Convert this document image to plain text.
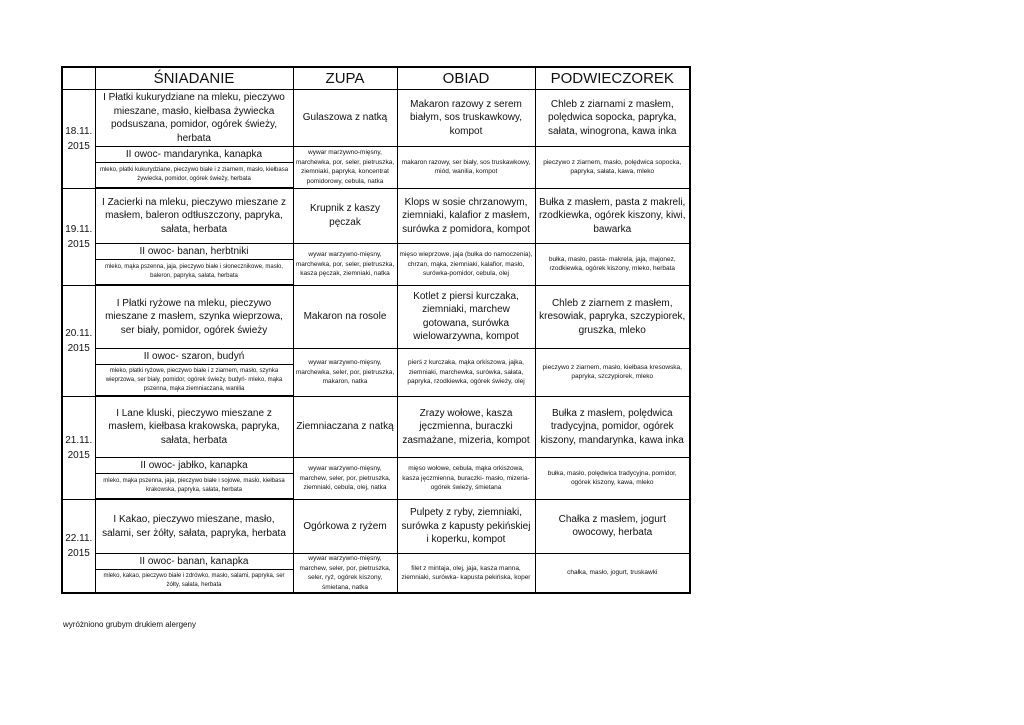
	ŚNIADANIE	ZUPA	OBIAD	PODWIECZOREK
18.11.
2015	I Płatki kukurydziane na mleku, pieczywo mieszane, masło, kiełbasa żywiecka podsuszana, pomidor, ogórek świeży, herbata	Gulaszowa z natką	Makaron razowy z serem białym, sos truskawkowy, kompot	Chleb z ziarnami z masłem, polędwica sopocka, papryka, sałata, winogrona, kawa inka
	II owoc- mandarynka, kanapka	wywar marzywno-mięsny, marchewka, por, seler, pietruszka, ziemniaki, papryka, koncentrat pomidorowy, cebula, natka	makaron razowy, ser biały, sos truskawkowy, miód, wanilia, kompot	pieczywo z ziarnem, masło, polędwica sopocka, papryka, sałata, kawa, mleko
	mleko, płatki kukurydziane, pieczywo białe i z ziarnem, masło, kiełbasa żywiecka, pomidor, ogórek świeży, herbata			
19.11.
2015	I Zacierki na mleku, pieczywo mieszane z masłem, baleron odtłuszczony, papryka, sałata, herbata	Krupnik z kaszy pęczak	Klops w sosie chrzanowym, ziemniaki, kalafior z masłem, surówka z pomidora, kompot	Bułka z masłem, pasta z makreli, rzodkiewka, ogórek kiszony, kiwi, bawarka
	II owoc- banan, herbtniki	wywar warzywno-mięsny, marchewka, por, seler, pietruszka, kasza pęczak, ziemniaki, natka	mięso wieprzowe, jaja (bułka do namoczenia), chrzan, mąka, ziemniaki, kalafior, masło, surówka-pomidor, cebula, olej	bułka, masło, pasta- makrela, jaja, majonez, rzodkiewka, ogórek kiszony, mleko, herbata
	mleko, mąka pszenna, jaja, pieczywo białe i słonecznikowe, masło, baleron, papryka, sałata, herbata			
20.11.
2015	I Płatki ryżowe na mleku, pieczywo mieszane z masłem, szynka wieprzowa, ser biały, pomidor, ogórek świeży	Makaron na rosole	Kotlet z piersi kurczaka, ziemniaki, marchew gotowana, surówka wielowarzywna, kompot	Chleb z ziarnem z masłem, kresowiak, papryka, szczypiorek, gruszka, mleko
	II owoc- szaron, budyń	wywar warzywno-mięsny, marchewka, seler, por, pietruszka, makaron, natka	pierś z kurczaka, mąka orkiszowa, jajka, ziemniaki, marchewka, surówka, sałata, papryka, rzodkiewka, ogórek świeży, olej	pieczywo z ziarnem, masło, kiełbasa kresowska, papryka, szczypiorek, mleko
	mleko, płatki ryżowe, pieczywo białe i z ziarnem, masło, szynka wieprzowa, ser biały, pomidor, ogórek świeży, budyń- mleko, mąka pszenna, mąka ziemniaczana, wanilia			
21.11.
2015	I Lane kluski, pieczywo mieszane z masłem, kiełbasa krakowska, papryka, sałata, herbata	Ziemniaczana z natką	Zrazy wołowe, kasza jęczmienna, buraczki zasmażane, mizeria, kompot	Bułka z masłem, polędwica tradycyjna, pomidor, ogórek kiszony, mandarynka, kawa inka
	II owoc- jabłko, kanapka	wywar warzywno-mięsny, marchew, seler, por, pietruszka, ziemniaki, cebula, olej, natka	mięso wołowe, cebula, mąka orkiszowa, kasza jęczmienna, buraczki- masło, mizeria- ogórek świeży, śmietana	bułka, masło, polędwica tradycyjna, pomidor, ogórek kiszony, kawa, mleko
	mleko, mąka pszenna, jaja, pieczywo białe i sojowe, masło, kiełbasa krakowska, papryka, sałata, herbata			
22.11.
2015	I Kakao, pieczywo mieszane, masło, salami, ser żółty, sałata, papryka, herbata	Ogórkowa z ryżem	Pulpety z ryby, ziemniaki, surówka z kapusty pekińskiej i koperku, kompot	Chałka z masłem, jogurt owocowy, herbata
	II owoc- banan, kanapka	wywar warzywno-mięsny, marchew, seler, por, pietruszka, seler, ryż, ogórek kiszony, śmietana, natka	filet z mintaja, olej, jaja, kasza manna, ziemniaki, surówka- kapusta pekińska, koper	chałka, masło, jogurt, truskawki
	mleko, kakao, pieczywo białe i zdrówko, masło, salami, papryka, ser żółty, sałata, herbata			
wyróżniono grubym drukiem alergeny
